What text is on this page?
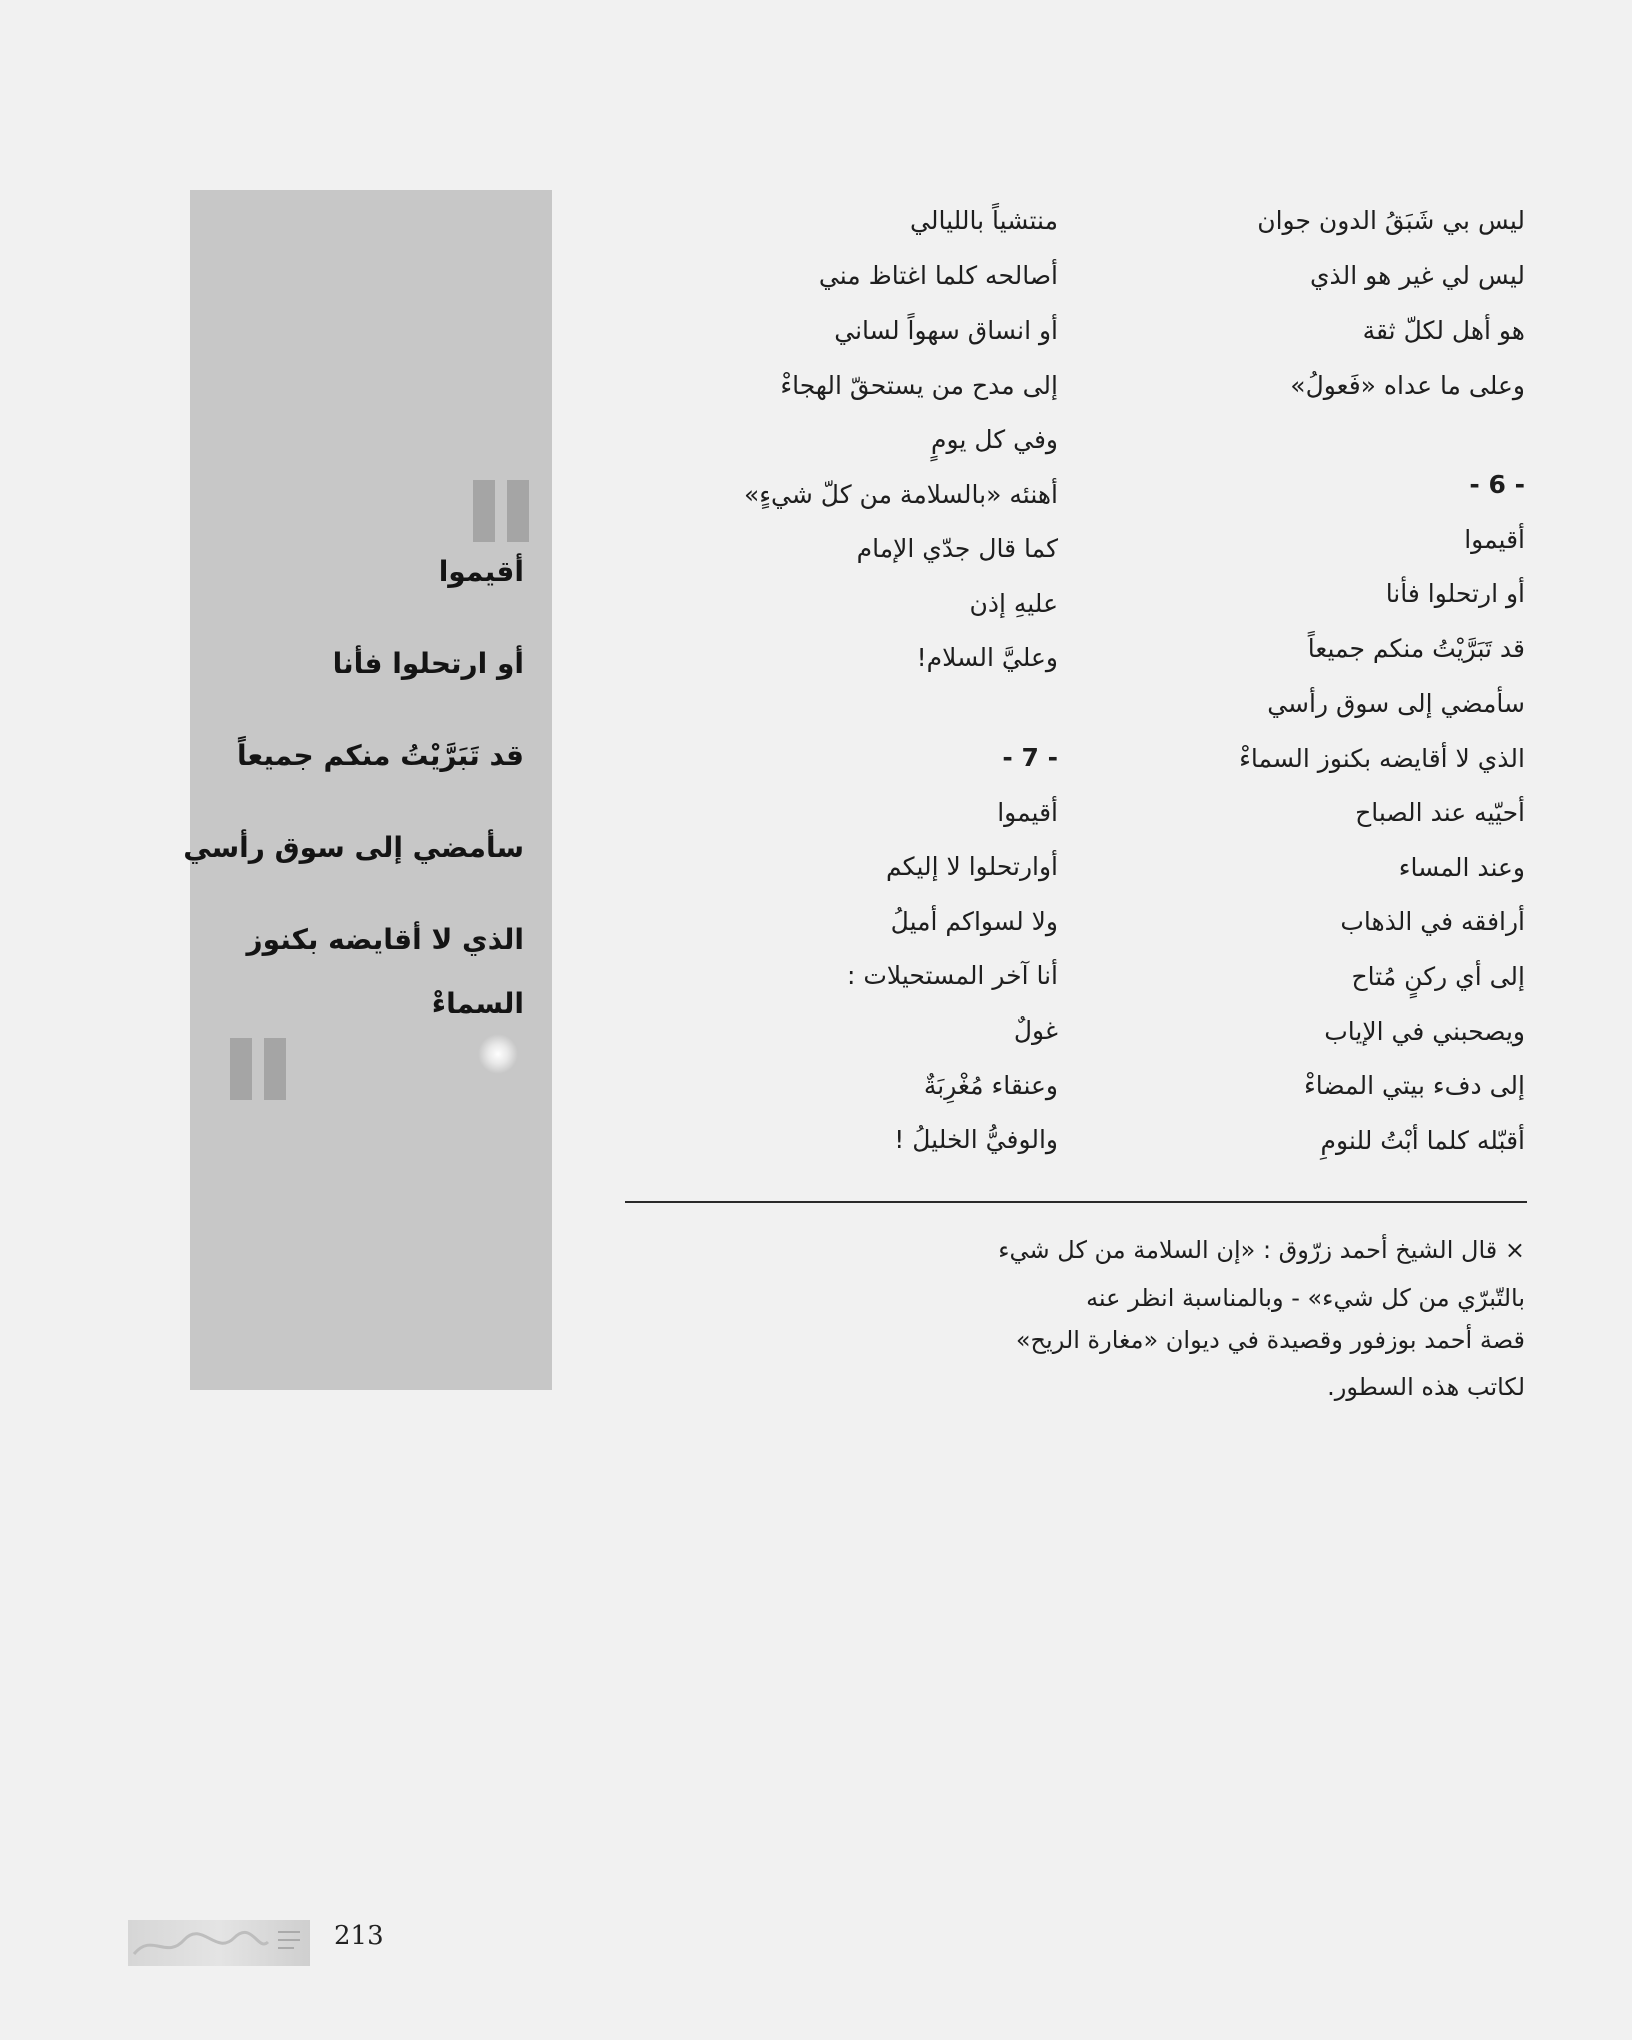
ليس بي شَبَقُ الدون جوان
ليس لي غير هو الذي
هو أهل لكلّ ثقة
وعلى ما عداه «فَعولُ»
- 6 -
أقيموا
أو ارتحلوا فأنا
قد تَبَرَّيْتُ منكم جميعاً
سأمضي إلى سوق رأسي
الذي لا أقايضه بكنوز السماءْ
أحيّيه عند الصباح
وعند المساء
أرافقه في الذهاب
إلى أي ركنٍ مُتاح
ويصحبني في الإياب
إلى دفء بيتي المضاءْ
أقبّله كلما أبْتُ للنومِ
منتشياً بالليالي
أصالحه كلما اغتاظ مني
أو انساق سهواً لساني
إلى مدح من يستحقّ الهجاءْ
وفي كل يومٍ
أهنئه «بالسلامة من كلّ شيءٍ»
كما قال جدّي الإمام
عليهِ إذن
وعليَّ السلام!
- 7 -
أقيموا
أوارتحلوا لا إليكم
ولا لسواكم أميلُ
أنا آخر المستحيلات :
غولٌ
وعنقاء مُغْرِبَةٌ
والوفيُّ الخليلُ !
أقيموا
أو ارتحلوا فأنا
قد تَبَرَّيْتُ منكم جميعاً
سأمضي إلى سوق رأسي
الذي لا أقايضه بكنوز
السماءْ
× قال الشيخ أحمد زرّوق : «إن السلامة من كل شيء
بالتّبرّي من كل شيء» - وبالمناسبة انظر عنه
قصة أحمد بوزفور وقصيدة في ديوان «مغارة الريح»
لكاتب هذه السطور.
213
